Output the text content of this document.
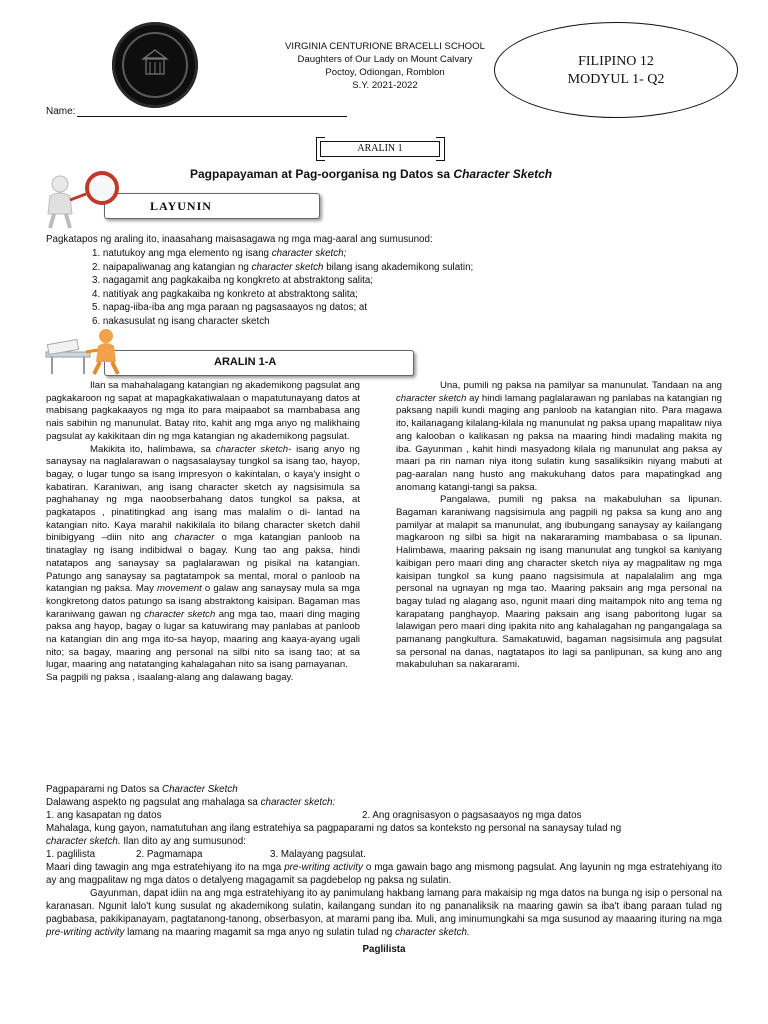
VIRGINIA CENTURIONE BRACELLI SCHOOL
Daughters of Our Lady on Mount Calvary
Poctoy, Odiongan, Romblon
S.Y. 2021-2022
FILIPINO 12
MODYUL 1- Q2
Name:
ARALIN 1
Pagpapayaman at Pag-oorganisa ng Datos sa Character Sketch
LAYUNIN
Pagkatapos ng araling ito, inaasahang maisasagawa ng mga mag-aaral ang sumusunod:
1. natutukoy ang mga elemento ng isang character sketch;
2. naipapaliwanag ang katangian ng character sketch bilang isang akademikong sulatin;
3. nagagamit ang pagkakaiba ng kongkreto at abstraktong salita;
4. natitiyak ang pagkakaiba ng konkreto at abstraktong salita;
5. napag-iiba-iba ang mga paraan ng pagsasaayos ng datos; at
6. nakasusulat ng isang character sketch
ARALIN 1-A

Ilan sa mahahalagang katangian ng akademikong pagsulat ang pagkakaroon ng sapat at mapagkakatiwalaan o mapatutunayang datos at mabisang pagkakaayos ng mga ito para maipaabot sa mambabasa ang nais sabihin ng manunulat. Batay rito, kahit ang mga anyo ng malikhaing pagsulat ay kakikitaan din ng mga katangian ng akademikong pagsulat.

Makikita ito, halimbawa, sa character sketch- isang anyo ng sanaysay na naglalarawan o nagsasalaysay tungkol sa isang tao, hayop, bagay, o lugar tungo sa isang impresyon o kakintalan, o kaya'y insight o kabatiran. Karaniwan, ang isang character sketch ay nagsisimula sa paghahanay ng mga naoobserbahang datos tungkol sa paksa, at pagkatapos , pinatitingkad ang isang mas malalim o di- lantad na katangian nito. Kaya marahil nakikilala ito bilang character sketch dahil binibigyang –diin nito ang character o mga katangian panloob na tinataglay ng isang indibidwal o bagay. Kung tao ang paksa, hindi natatapos ang sanaysay sa paglalarawan ng pisikal na katangian. Patungo ang sanaysay sa pagtatampok sa mental, moral o panloob na katangian ng paksa. May movement o galaw ang sanaysay mula sa mga kongkretong datos patungo sa isang abstraktong kaisipan. Bagaman mas karaniwang gawan ng character sketch ang mga tao, maari ding maging paksa ang hayop, bagay o lugar sa katuwirang may panlabas at panloob na katangian din ang mga ito-sa hayop, maaring ang kaaya-ayang ugali nito; sa bagay, maaring ang personal na silbi nito sa isang tao; at sa lugar, maaring ang natatanging kahalagahan nito sa isang pamayanan.

Sa pagpili ng paksa , isaalang-alang ang dalawang bagay.

Una, pumili ng paksa na pamilyar sa manunulat. Tandaan na ang character sketch ay hindi lamang paglalarawan ng panlabas na katangian ng paksang napili kundi maging ang panloob na katangian nito. Para magawa ito, kailanagang kilalang-kilala ng manunulat ng paksa upang mapalitaw niya ang kalooban o kalikasan ng paksa na maaring hindi madaling makita ng iba. Gayunman , kahit hindi masyadong kilala ng manunulat ang paksa ay maari pa rin naman niya itong sulatin kung sasaliksikin niyang mabuti at pag-aaralan nang husto ang makukuhang datos para mapatingkad ang anomang katangi-tangi sa paksa.

Pangalawa, pumili ng paksa na makabuluhan sa lipunan. Bagaman karaniwang nagsisimula ang pagpili ng paksa sa kung ano ang pamilyar at malapit sa manunulat, ang ibubungang sanaysay ay kailangang magkaroon ng silbi sa higit na nakararaming mambabasa o sa lipunan. Halimbawa, maaring paksain ng isang manunulat ang tungkol sa kaniyang kaibigan pero maari ding ang character sketch niya ay magpalitaw ng mga kaisipan tungkol sa kung paano nagsisimula at napalalalim ang mga personal na ugnayan ng mga tao. Maaring paksain ang mga personal na bagay tulad ng alagang aso, ngunit maari ding maitampok nito ang tema ng karapatang panghayop. Maaring paksain ang isang paboritong lugar sa lalawigan pero maari ding ipakita nito ang kahalagahan ng pangangalaga sa pamanang pangkultura. Samakatuwid, bagaman nagsisimula ang pagsulat sa personal na danas, nagtatapos ito lagi sa panlipunan, sa kung ano ang makabuluhan sa nakararami.

Pagpaparami ng Datos sa Character Sketch

Dalawang aspekto ng pagsulat ang mahalaga sa character sketch:

1. ang kasapatan ng datos	2. Ang oragnisasyon o pagsasaayos ng mga datos

Mahalaga, kung gayon, namatutuhan ang ilang estratehiya sa pagpaparami ng datos sa konteksto ng personal na sanaysay tulad ng

character sketch. Ilan dito ay ang sumusunod:

1. paglilista	2. Pagmamapa	3. Malayang pagsulat.

Maari ding tawagin ang mga estratehiyang ito na mga pre-writing activity o mga gawain bago ang mismong pagsulat. Ang layunin ng mga estratehiyang ito ay ang magpalitaw ng mga datos o detalyeng magagamit sa pagdebelop ng paksa ng sulatin.

Gayunman, dapat idiin na ang mga estratehiyang ito ay panimulang hakbang lamang para makaisip ng mga datos na bunga ng isip o personal na karanasan. Ngunit lalo't kung susulat ng akademikong sulatin, kailangang sundan ito ng pananaliksik na maaring gawin sa iba't ibang paraan tulad ng pagbabasa, pakikipanayam, pagtatanong-tanong, obserbasyon, at marami pang iba. Muli, ang iminumungkahi sa mga susunod ay maaaring ituring na mga pre-writing activity lamang na maaring magamit sa mga anyo ng sulatin tulad ng character sketch.

Paglilista
